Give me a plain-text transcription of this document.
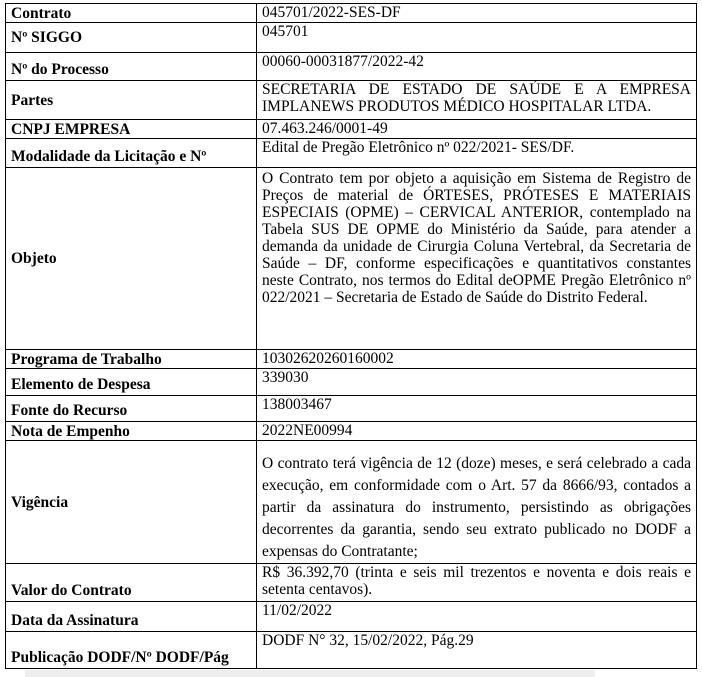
Contrato	045701/2022-SES-DF
Nº SIGGO	045701
Nº do Processo	00060-00031877/2022-42
Partes	SECRETARIA DE ESTADO DE SAÚDE E A EMPRESA IMPLANEWS PRODUTOS MÉDICO HOSPITALAR LTDA.
CNPJ EMPRESA	07.463.246/0001-49
Modalidade da Licitação e Nº	Edital de Pregão Eletrônico nº 022/2021- SES/DF.
Objeto	O Contrato tem por objeto a aquisição em Sistema de Registro de Preços de material de ÓRTESES, PRÓTESES E MATERIAIS ESPECIAIS (OPME) – CERVICAL ANTERIOR, contemplado na Tabela SUS DE OPME do Ministério da Saúde, para atender a demanda da unidade de Cirurgia Coluna Vertebral, da Secretaria de Saúde – DF, conforme especificações e quantitativos constantes neste Contrato, nos termos do Edital deOPME Pregão Eletrônico nº 022/2021 – Secretaria de Estado de Saúde do Distrito Federal.
Programa de Trabalho	10302620260160002
Elemento de Despesa	339030
Fonte do Recurso	138003467
Nota de Empenho	2022NE00994
Vigência	O contrato terá vigência de 12 (doze) meses, e será celebrado a cada execução, em conformidade com o Art. 57 da 8666/93, contados a partir da assinatura do instrumento, persistindo as obrigações decorrentes da garantia, sendo seu extrato publicado no DODF a expensas do Contratante;
Valor do Contrato	R$ 36.392,70 (trinta e seis mil trezentos e noventa e dois reais e setenta centavos).
Data da Assinatura	11/02/2022
Publicação DODF/Nº DODF/Pág	DODF N° 32, 15/02/2022, Pág.29
